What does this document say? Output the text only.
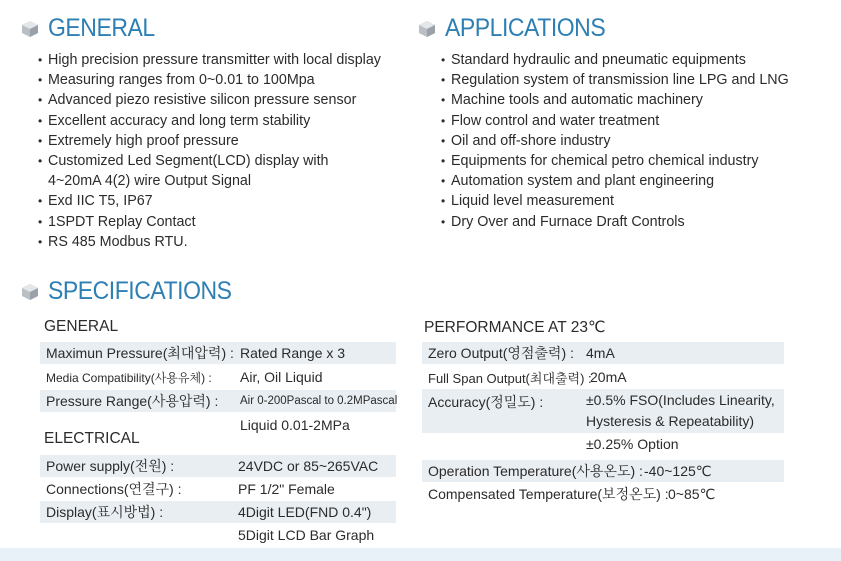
GENERAL
• High precision pressure transmitter with local display
• Measuring ranges from 0~0.01 to 100Mpa
• Advanced piezo resistive silicon pressure sensor
• Excellent accuracy and long term stability
• Extremely high proof pressure
• Customized Led Segment(LCD) display with
4~20mA 4(2) wire Output Signal
• Exd IIC T5, IP67
• 1SPDT Replay Contact
• RS 485 Modbus RTU.
APPLICATIONS
• Standard hydraulic and pneumatic equipments
• Regulation system of transmission line LPG and LNG
• Machine tools and automatic machinery
• Flow control and water treatment
• Oil and off-shore industry
• Equipments for chemical petro chemical industry
• Automation system and plant engineering
• Liquid level measurement
• Dry Over and Furnace Draft Controls
SPECIFICATIONS
GENERAL
Maximun Pressure(최대압력) : Rated Range x 3
Media Compatibility(사용유체) : Air, Oil Liquid
Pressure Range(사용압력) : Air 0-200Pascal to 0.2MPascal
Liquid 0.01-2MPa
ELECTRICAL
Power supply(전원) :	24VDC or 85~265VAC
Connections(연결구) :	PF 1/2" Female
Display(표시방법) :	4Digit LED(FND 0.4")
5Digit LCD Bar Graph
PERFORMANCE AT 23℃
Zero Output(영점출력) : 4mA
Full Span Output(최대출력) :
20mA
Accuracy(정밀도) :	±0.5% FSO(Includes Linearity,
Hysteresis & Repeatability)
±0.25% Option
Operation Temperature(사용온도) : -40~125℃
Compensated Temperature(보정온도) : 0~85℃
